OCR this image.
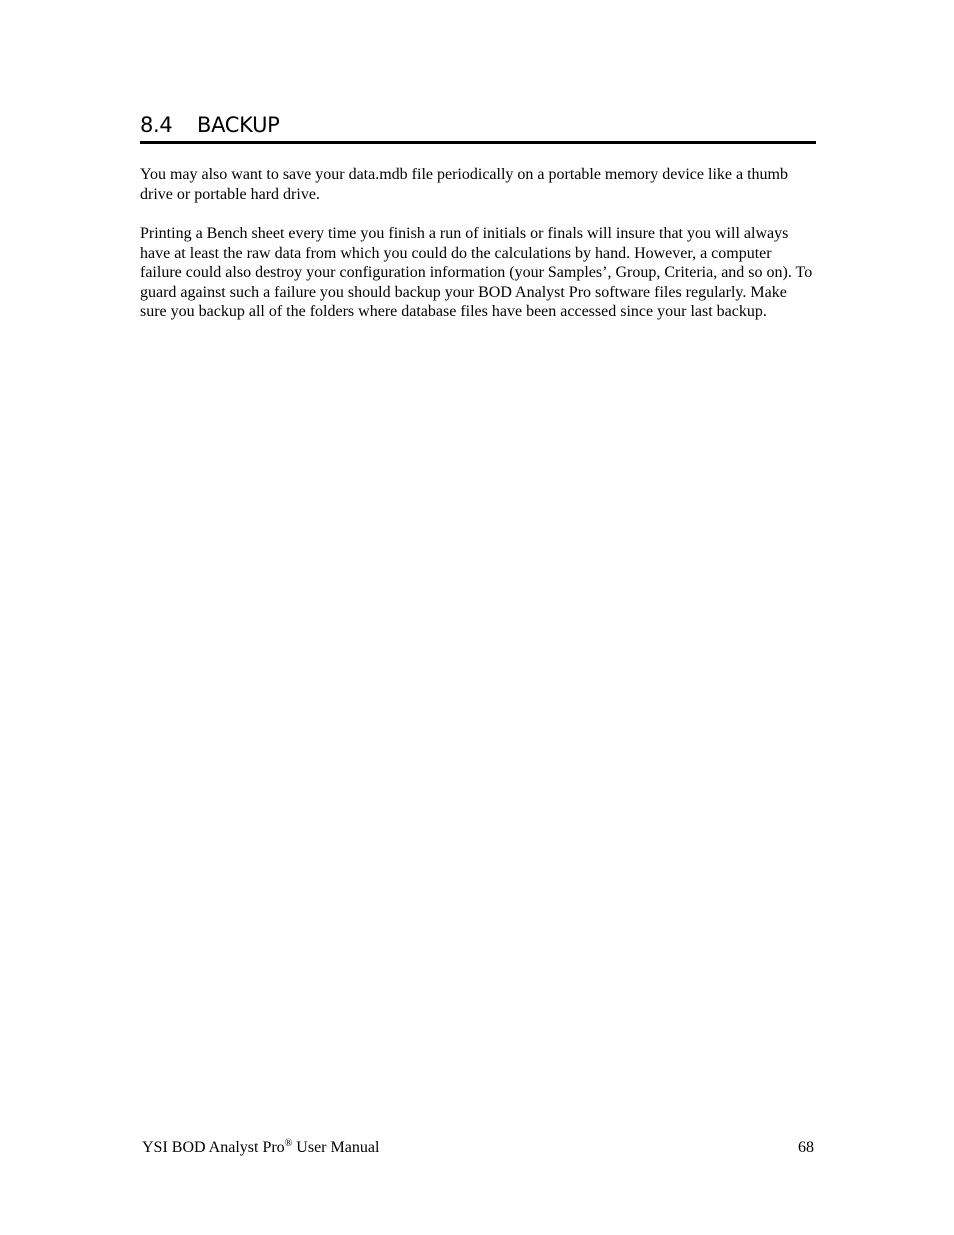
8.4 BACKUP

You may also want to save your data.mdb file periodically on a portable memory device like a thumb drive or portable hard drive.

Printing a Bench sheet every time you finish a run of initials or finals will insure that you will always have at least the raw data from which you could do the calculations by hand. However, a computer failure could also destroy your configuration information (your Samples’, Group, Criteria, and so on). To guard against such a failure you should backup your BOD Analyst Pro software files regularly. Make sure you backup all of the folders where database files have been accessed since your last backup.

YSI BOD Analyst Pro® User Manual	68
